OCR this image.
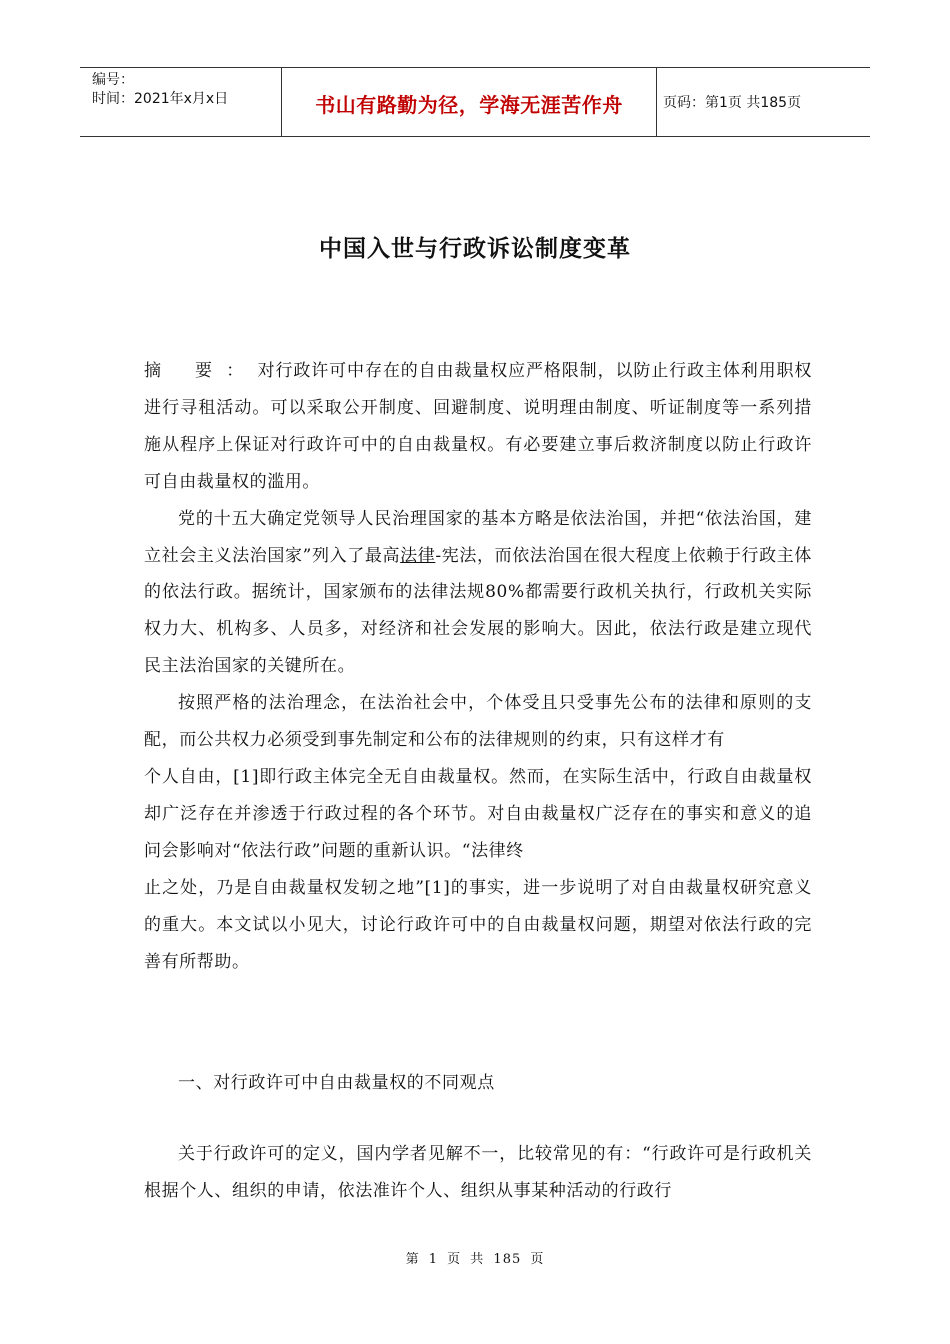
编号：
时间：2021年x月x日	书山有路勤为径，学海无涯苦作舟	页码：第1页 共185页
中国入世与行政诉讼制度变革

摘 要：对行政许可中存在的自由裁量权应严格限制，以防止行政主体利用职权进行寻租活动。可以采取公开制度、回避制度、说明理由制度、听证制度等一系列措施从程序上保证对行政许可中的自由裁量权。有必要建立事后救济制度以防止行政许可自由裁量权的滥用。

党的十五大确定党领导人民治理国家的基本方略是依法治国，并把“依法治国，建立社会主义法治国家”列入了最高法律-宪法，而依法治国在很大程度上依赖于行政主体的依法行政。据统计，国家颁布的法律法规80%都需要行政机关执行，行政机关实际权力大、机构多、人员多，对经济和社会发展的影响大。因此，依法行政是建立现代民主法治国家的关键所在。

按照严格的法治理念，在法治社会中，个体受且只受事先公布的法律和原则的支配，而公共权力必须受到事先制定和公布的法律规则的约束，只有这样才有

个人自由，[1]即行政主体完全无自由裁量权。然而，在实际生活中，行政自由裁量权却广泛存在并渗透于行政过程的各个环节。对自由裁量权广泛存在的事实和意义的追问会影响对“依法行政”问题的重新认识。“法律终

止之处，乃是自由裁量权发轫之地”[1]的事实，进一步说明了对自由裁量权研究意义的重大。本文试以小见大，讨论行政许可中的自由裁量权问题，期望对依法行政的完善有所帮助。

一、对行政许可中自由裁量权的不同观点

关于行政许可的定义，国内学者见解不一，比较常见的有：“行政许可是行政机关根据个人、组织的申请，依法准许个人、组织从事某种活动的行政行

第 1 页 共 185 页
